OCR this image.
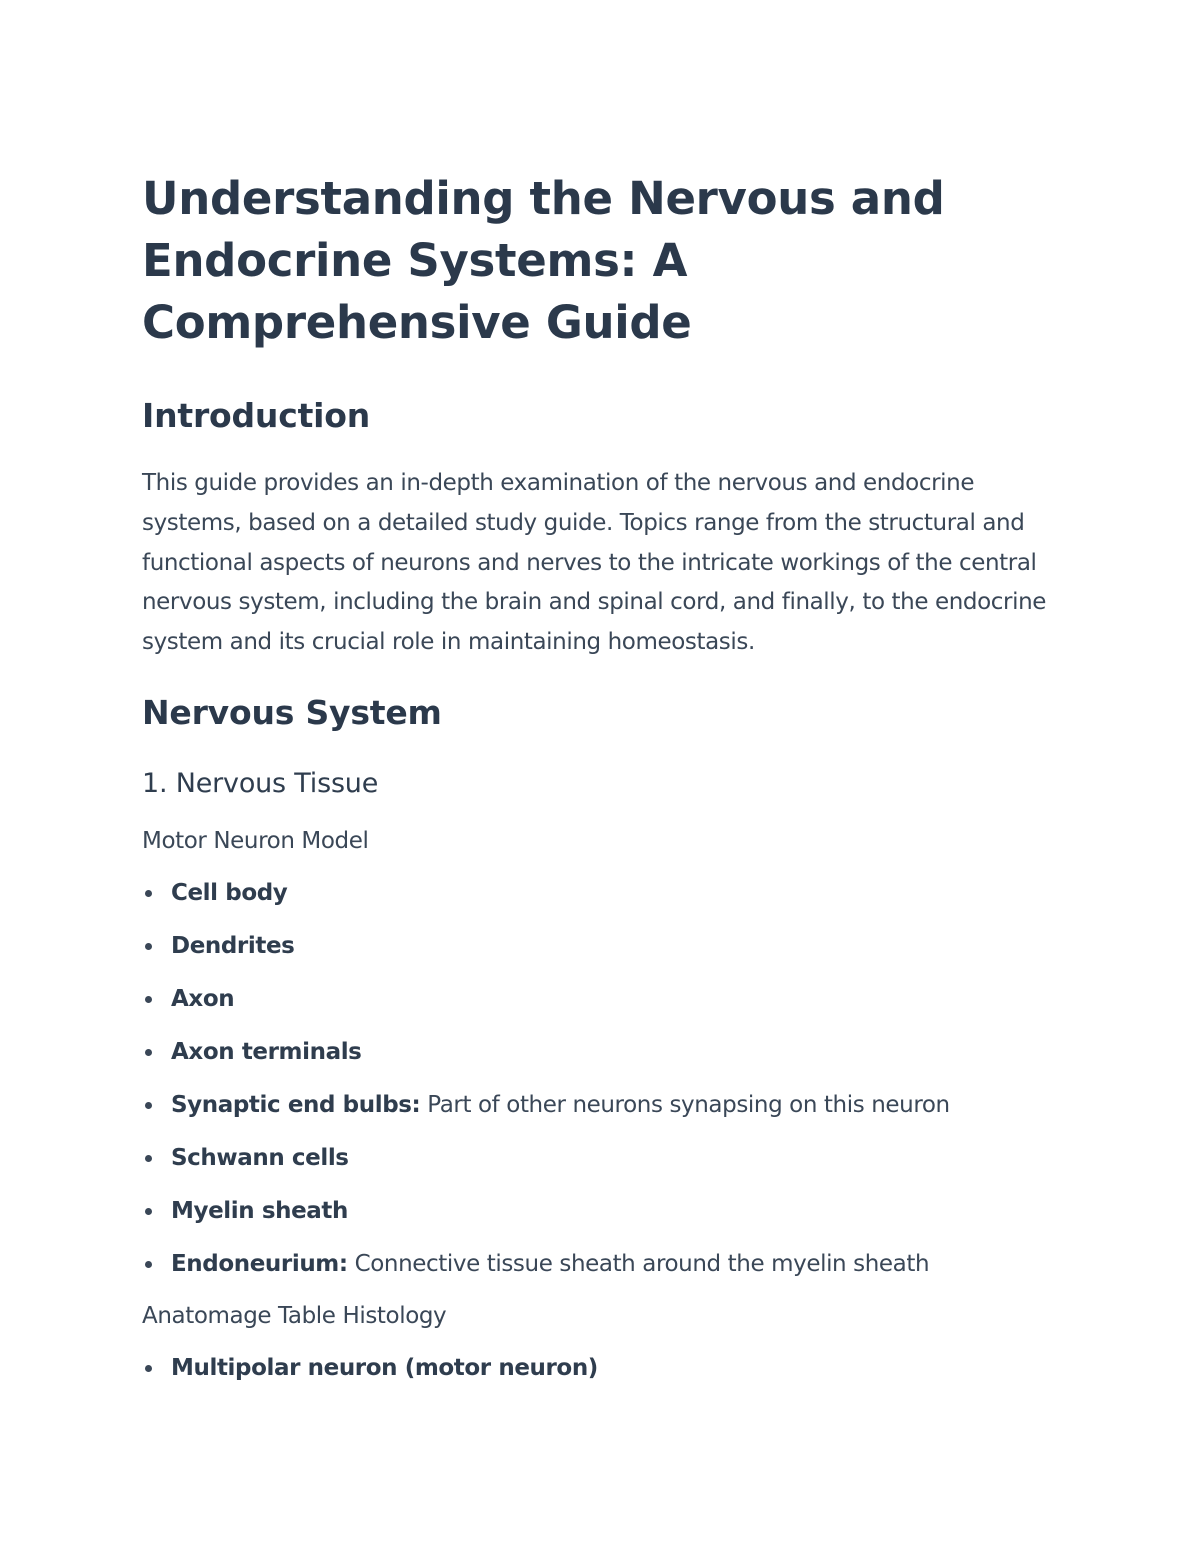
Understanding the Nervous and Endocrine Systems: A Comprehensive Guide
Introduction

This guide provides an in-depth examination of the nervous and endocrine systems, based on a detailed study guide. Topics range from the structural and functional aspects of neurons and nerves to the intricate workings of the central nervous system, including the brain and spinal cord, and finally, to the endocrine system and its crucial role in maintaining homeostasis.

Nervous System
1. Nervous Tissue
Motor Neuron Model
Cell body
Dendrites
Axon
Axon terminals
Synaptic end bulbs: Part of other neurons synapsing on this neuron
Schwann cells
Myelin sheath
Endoneurium: Connective tissue sheath around the myelin sheath
Anatomage Table Histology
Multipolar neuron (motor neuron)
